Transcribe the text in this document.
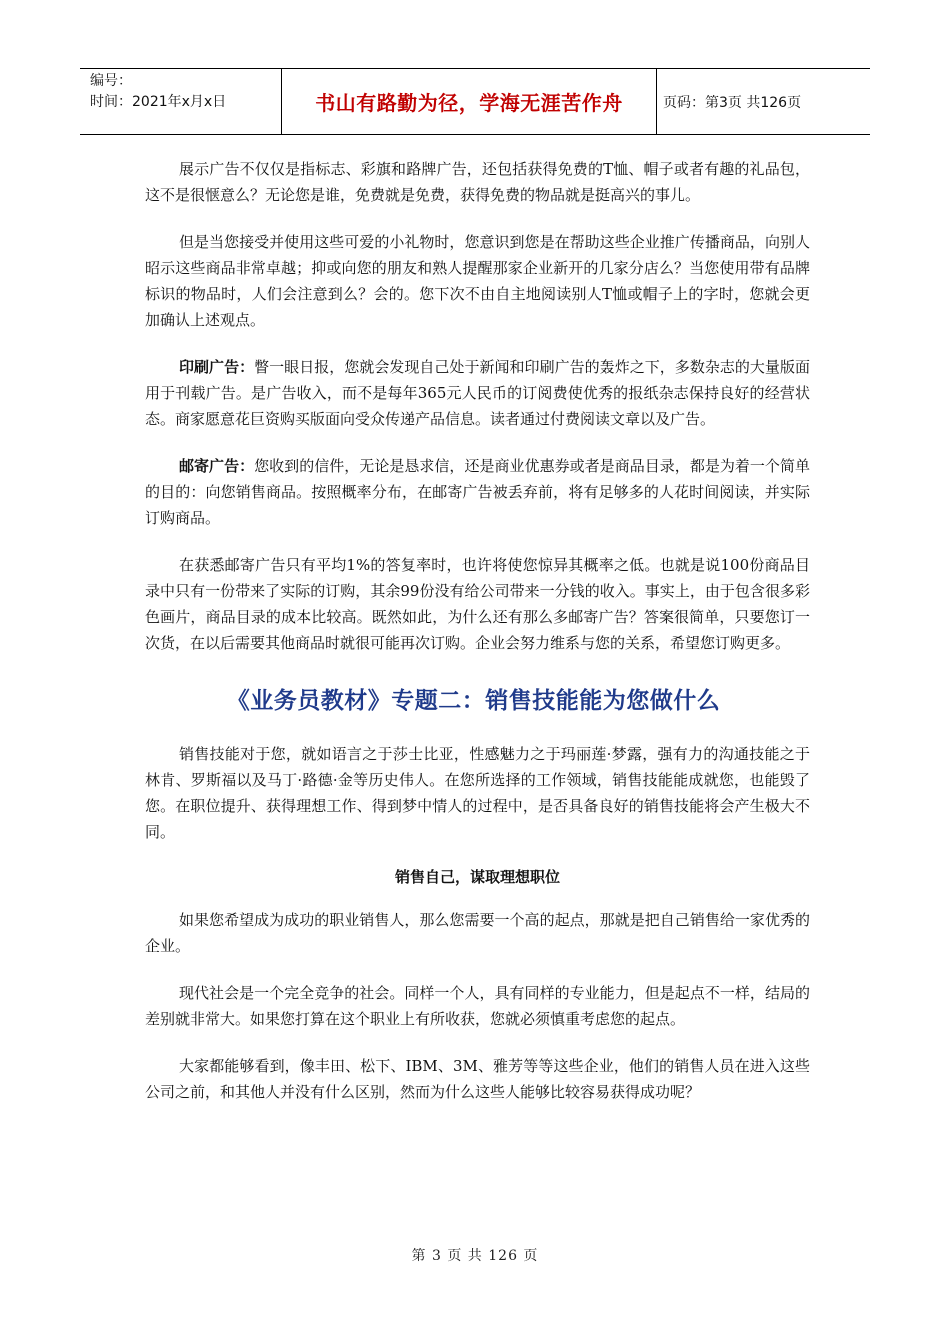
编号：
时间：2021年x月x日	书山有路勤为径，学海无涯苦作舟	页码：第3页 共126页

展示广告不仅仅是指标志、彩旗和路牌广告，还包括获得免费的T恤、帽子或者有趣的礼品包，这不是很惬意么？无论您是谁，免费就是免费，获得免费的物品就是挺高兴的事儿。

但是当您接受并使用这些可爱的小礼物时，您意识到您是在帮助这些企业推广传播商品，向别人昭示这些商品非常卓越；抑或向您的朋友和熟人提醒那家企业新开的几家分店么？当您使用带有品牌标识的物品时，人们会注意到么？会的。您下次不由自主地阅读别人T恤或帽子上的字时，您就会更加确认上述观点。

印刷广告：瞥一眼日报，您就会发现自己处于新闻和印刷广告的轰炸之下，多数杂志的大量版面用于刊载广告。是广告收入，而不是每年365元人民币的订阅费使优秀的报纸杂志保持良好的经营状态。商家愿意花巨资购买版面向受众传递产品信息。读者通过付费阅读文章以及广告。

邮寄广告：您收到的信件，无论是恳求信，还是商业优惠券或者是商品目录，都是为着一个简单的目的：向您销售商品。按照概率分布，在邮寄广告被丢弃前，将有足够多的人花时间阅读，并实际订购商品。

在获悉邮寄广告只有平均1%的答复率时，也许将使您惊异其概率之低。也就是说100份商品目录中只有一份带来了实际的订购，其余99份没有给公司带来一分钱的收入。事实上，由于包含很多彩色画片，商品目录的成本比较高。既然如此，为什么还有那么多邮寄广告？答案很简单，只要您订一次货，在以后需要其他商品时就很可能再次订购。企业会努力维系与您的关系，希望您订购更多。

《业务员教材》专题二：销售技能能为您做什么

销售技能对于您，就如语言之于莎士比亚，性感魅力之于玛丽莲·梦露，强有力的沟通技能之于林肯、罗斯福以及马丁·路德·金等历史伟人。在您所选择的工作领域，销售技能能成就您，也能毁了您。在职位提升、获得理想工作、得到梦中情人的过程中，是否具备良好的销售技能将会产生极大不同。

销售自己，谋取理想职位

如果您希望成为成功的职业销售人，那么您需要一个高的起点，那就是把自己销售给一家优秀的企业。

现代社会是一个完全竞争的社会。同样一个人，具有同样的专业能力，但是起点不一样，结局的差别就非常大。如果您打算在这个职业上有所收获，您就必须慎重考虑您的起点。

大家都能够看到，像丰田、松下、IBM、3M、雅芳等等这些企业，他们的销售人员在进入这些公司之前，和其他人并没有什么区别，然而为什么这些人能够比较容易获得成功呢？

第 3 页 共 126 页
